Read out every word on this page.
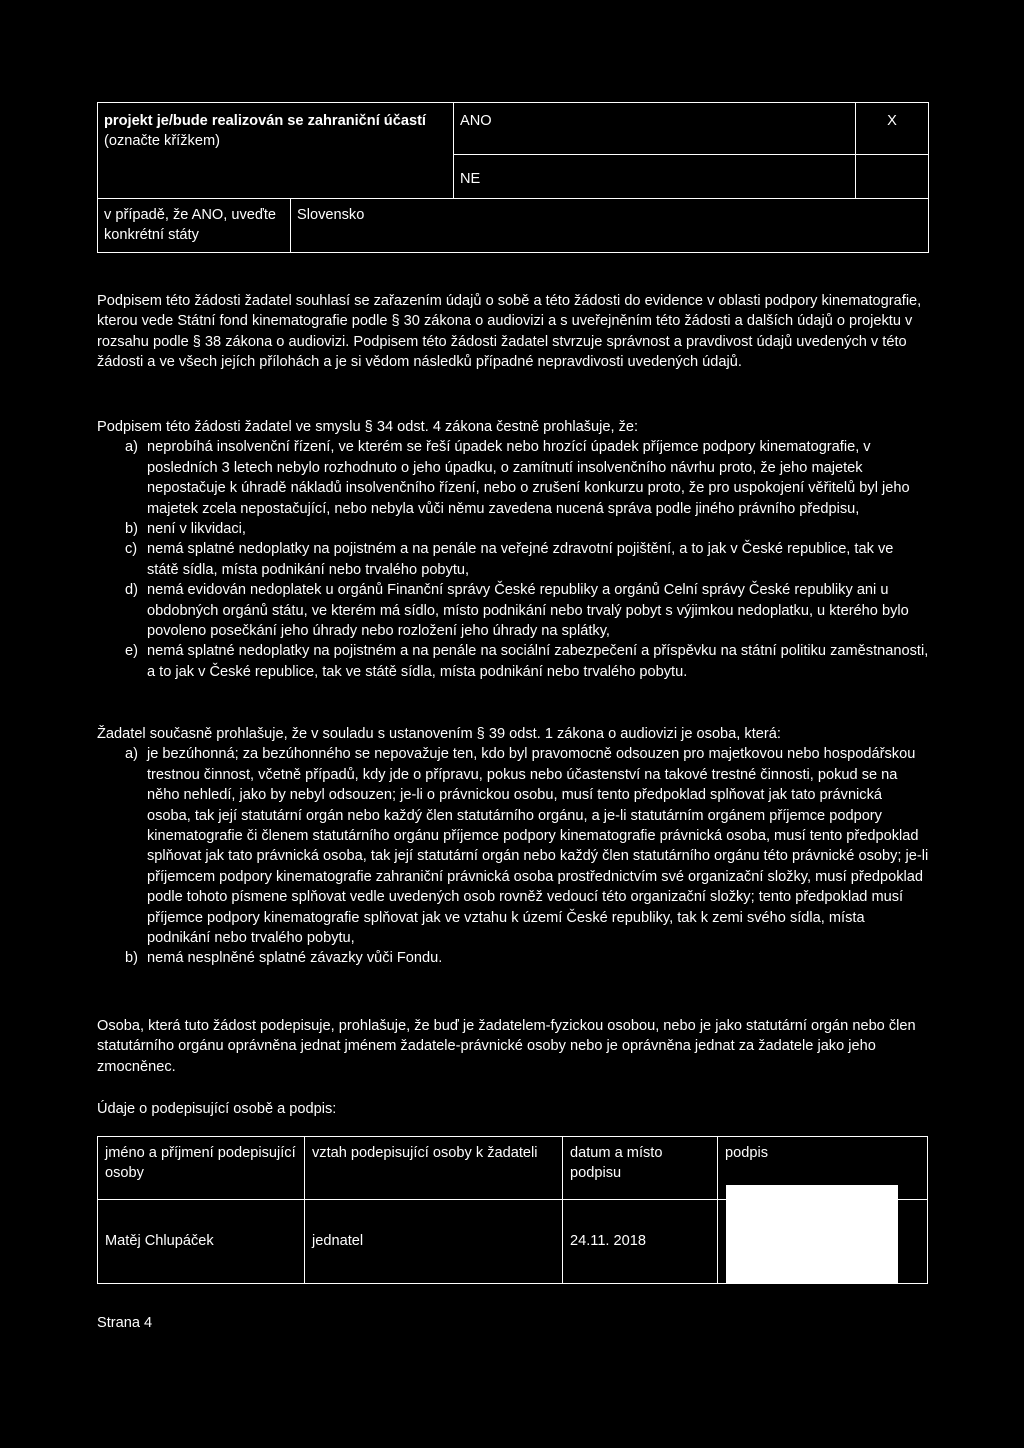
projekt je/bude realizován se zahraniční účastí
(označte křížkem)		ANO	X
		NE	
v případě, že ANO, uveďte konkrétní státy	Slovensko		

Podpisem této žádosti žadatel souhlasí se zařazením údajů o sobě a této žádosti do evidence v oblasti podpory kinematografie, kterou vede Státní fond kinematografie podle § 30 zákona o audiovizi a s uveřejněním této žádosti a dalších údajů o projektu v rozsahu podle § 38 zákona o audiovizi. Podpisem této žádosti žadatel stvrzuje správnost a pravdivost údajů uvedených v této žádosti a ve všech jejích přílohách a je si vědom následků případné nepravdivosti uvedených údajů.

Podpisem této žádosti žadatel ve smyslu § 34 odst. 4 zákona čestně prohlašuje, že:

a) neprobíhá insolvenční řízení, ve kterém se řeší úpadek nebo hrozící úpadek příjemce podpory kinematografie, v posledních 3 letech nebylo rozhodnuto o jeho úpadku, o zamítnutí insolvenčního návrhu proto, že jeho majetek nepostačuje k úhradě nákladů insolvenčního řízení, nebo o zrušení konkurzu proto, že pro uspokojení věřitelů byl jeho majetek zcela nepostačující, nebo nebyla vůči němu zavedena nucená správa podle jiného právního předpisu,
b) není v likvidaci,
c) nemá splatné nedoplatky na pojistném a na penále na veřejné zdravotní pojištění, a to jak v České republice, tak ve státě sídla, místa podnikání nebo trvalého pobytu,
d) nemá evidován nedoplatek u orgánů Finanční správy České republiky a orgánů Celní správy České republiky ani u obdobných orgánů státu, ve kterém má sídlo, místo podnikání nebo trvalý pobyt s výjimkou nedoplatku, u kterého bylo povoleno posečkání jeho úhrady nebo rozložení jeho úhrady na splátky,
e) nemá splatné nedoplatky na pojistném a na penále na sociální zabezpečení a příspěvku na státní politiku zaměstnanosti, a to jak v České republice, tak ve státě sídla, místa podnikání nebo trvalého pobytu.

Žadatel současně prohlašuje, že v souladu s ustanovením § 39 odst. 1 zákona o audiovizi je osoba, která:

a) je bezúhonná; za bezúhonného se nepovažuje ten, kdo byl pravomocně odsouzen pro majetkovou nebo hospodářskou trestnou činnost, včetně případů, kdy jde o přípravu, pokus nebo účastenství na takové trestné činnosti, pokud se na něho nehledí, jako by nebyl odsouzen; je-li o právnickou osobu, musí tento předpoklad splňovat jak tato právnická osoba, tak její statutární orgán nebo každý člen statutárního orgánu, a je-li statutárním orgánem příjemce podpory kinematografie či členem statutárního orgánu příjemce podpory kinematografie právnická osoba, musí tento předpoklad splňovat jak tato právnická osoba, tak její statutární orgán nebo každý člen statutárního orgánu této právnické osoby; je-li příjemcem podpory kinematografie zahraniční právnická osoba prostřednictvím své organizační složky, musí předpoklad podle tohoto písmene splňovat vedle uvedených osob rovněž vedoucí této organizační složky; tento předpoklad musí příjemce podpory kinematografie splňovat jak ve vztahu k území České republiky, tak k zemi svého sídla, místa podnikání nebo trvalého pobytu,
b) nemá nesplněné splatné závazky vůči Fondu.

Osoba, která tuto žádost podepisuje, prohlašuje, že buď je žadatelem-fyzickou osobou, nebo je jako statutární orgán nebo člen statutárního orgánu oprávněna jednat jménem žadatele-právnické osoby nebo je oprávněna jednat za žadatele jako jeho zmocněnec.

Údaje o podepisující osobě a podpis:

jméno a příjmení podepisující osoby	vztah podepisující osoby k žadateli	datum a místo podpisu	podpis
Matěj Chlupáček	jednatel	24.11. 2018	

Strana 4
